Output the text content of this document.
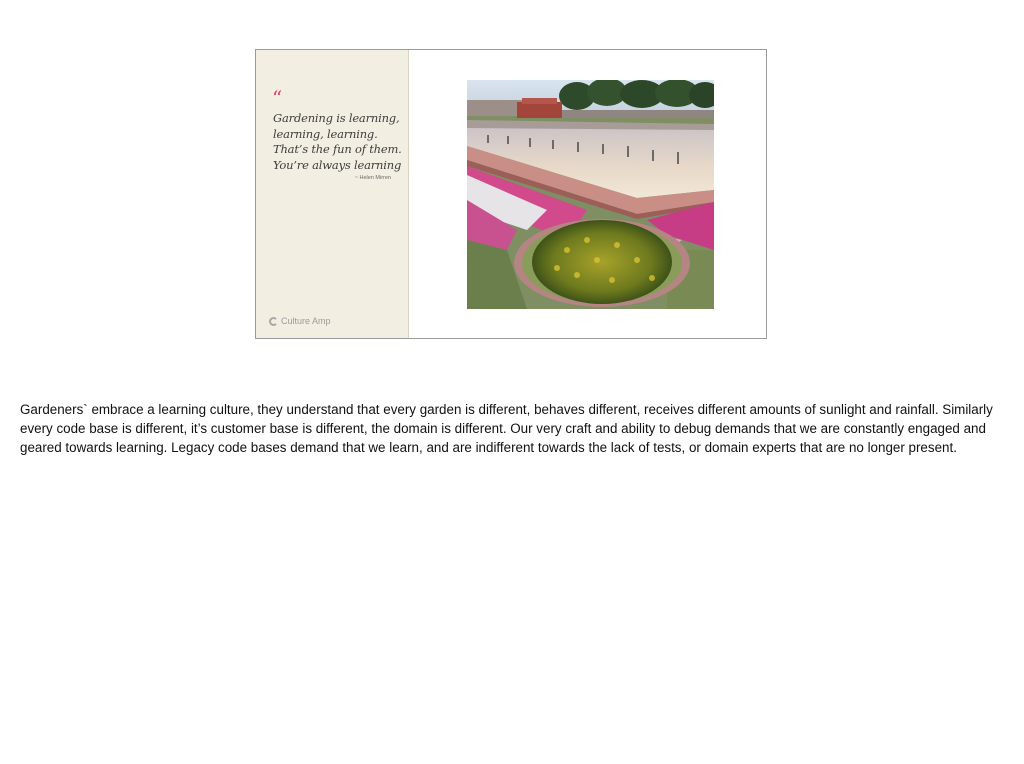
“
Gardening is learning,
learning, learning.
That’s the fun of them.
You’re always learning
~ Helen Mirren
Culture Amp

Gardeners` embrace a learning culture, they understand that every garden is different, behaves different, receives different amounts of sunlight and rainfall. Similarly every code base is different, it’s customer base is different, the domain is different. Our very craft and ability to debug demands that we are constantly engaged and geared towards learning. Legacy code bases demand that we learn, and are indifferent towards the lack of tests, or domain experts that are no longer present.
